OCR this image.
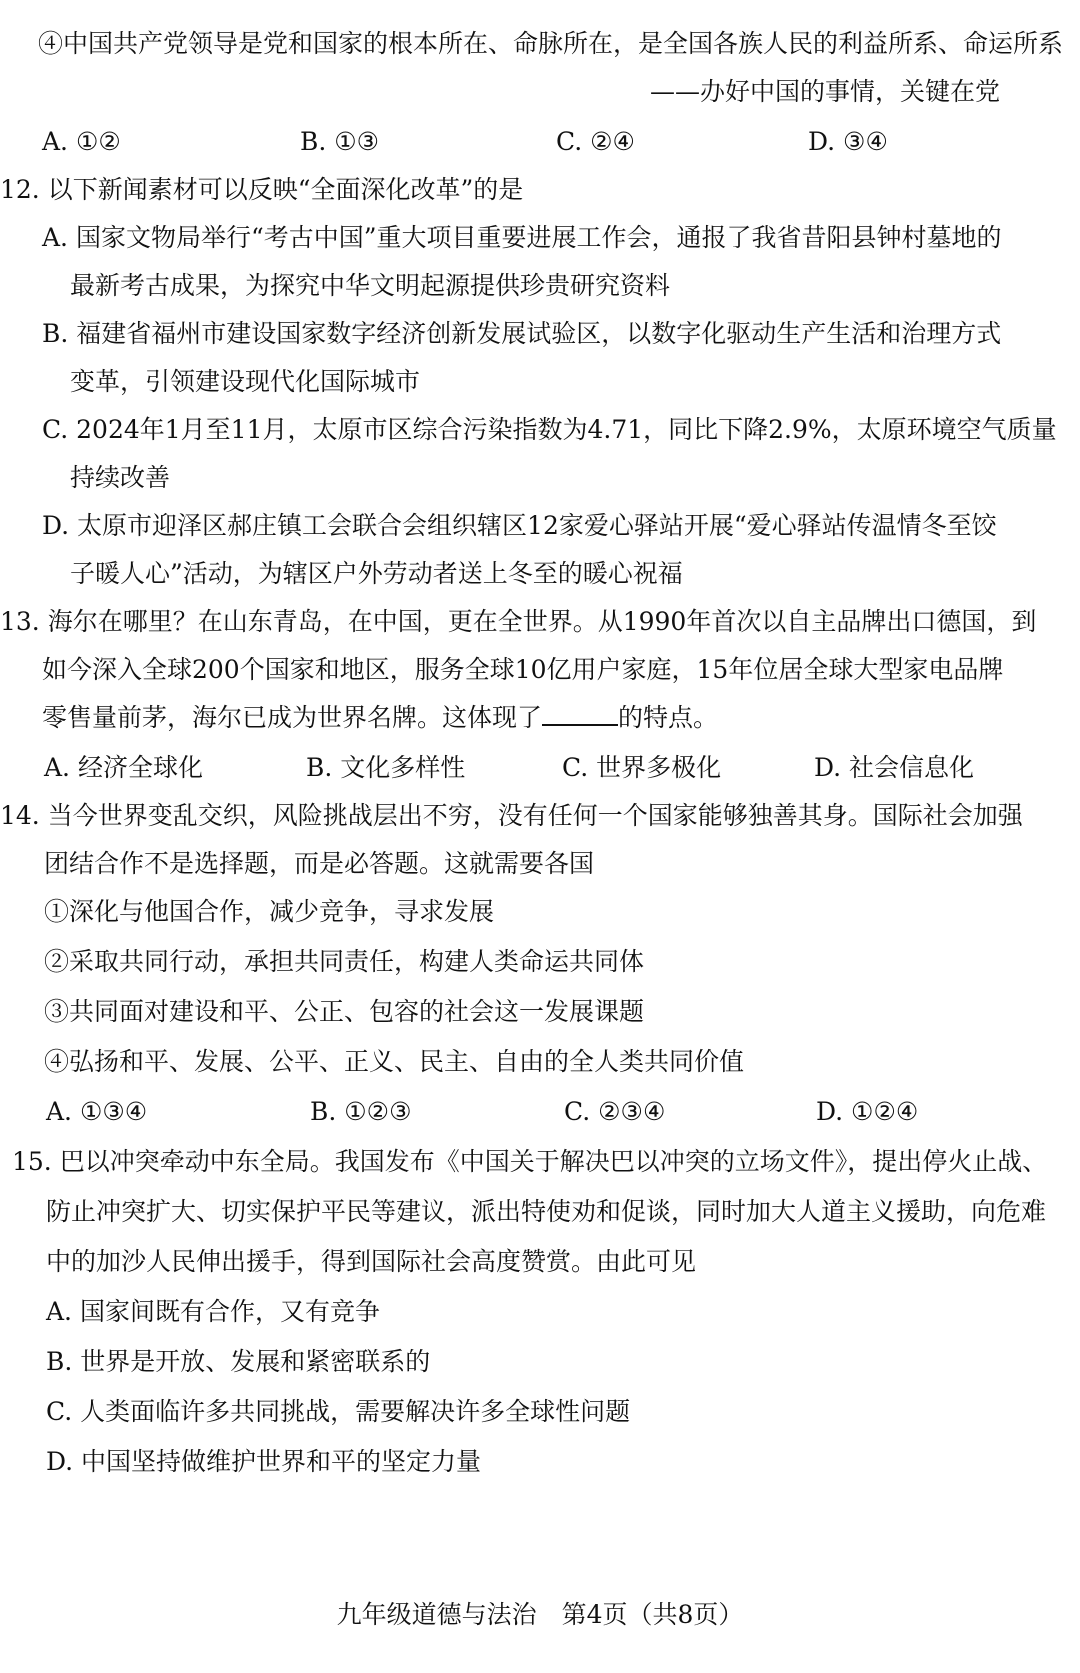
④中国共产党领导是党和国家的根本所在、命脉所在，是全国各族人民的利益所系、命运所系
——办好中国的事情，关键在党
A. ①②	B. ①③	C. ②④	D. ③④
12. 以下新闻素材可以反映“全面深化改革”的是
A. 国家文物局举行“考古中国”重大项目重要进展工作会，通报了我省昔阳县钟村墓地的
最新考古成果，为探究中华文明起源提供珍贵研究资料
B. 福建省福州市建设国家数字经济创新发展试验区，以数字化驱动生产生活和治理方式
变革，引领建设现代化国际城市
C. 2024年1月至11月，太原市区综合污染指数为4.71，同比下降2.9%，太原环境空气质量
持续改善
D. 太原市迎泽区郝庄镇工会联合会组织辖区12家爱心驿站开展“爱心驿站传温情冬至饺
子暖人心”活动，为辖区户外劳动者送上冬至的暖心祝福
13. 海尔在哪里？在山东青岛，在中国，更在全世界。从1990年首次以自主品牌出口德国，到
如今深入全球200个国家和地区，服务全球10亿用户家庭，15年位居全球大型家电品牌
零售量前茅，海尔已成为世界名牌。这体现了	的特点。
A. 经济全球化	B. 文化多样性	C. 世界多极化	D. 社会信息化
14. 当今世界变乱交织，风险挑战层出不穷，没有任何一个国家能够独善其身。国际社会加强
团结合作不是选择题，而是必答题。这就需要各国
①深化与他国合作，减少竞争，寻求发展
②采取共同行动，承担共同责任，构建人类命运共同体
③共同面对建设和平、公正、包容的社会这一发展课题
④弘扬和平、发展、公平、正义、民主、自由的全人类共同价值
A. ①③④	B. ①②③	C. ②③④	D. ①②④
15. 巴以冲突牵动中东全局。我国发布《中国关于解决巴以冲突的立场文件》，提出停火止战、
防止冲突扩大、切实保护平民等建议，派出特使劝和促谈，同时加大人道主义援助，向危难
中的加沙人民伸出援手，得到国际社会高度赞赏。由此可见
A. 国家间既有合作，又有竞争
B. 世界是开放、发展和紧密联系的
C. 人类面临许多共同挑战，需要解决许多全球性问题
D. 中国坚持做维护世界和平的坚定力量
九年级道德与法治　第4页（共8页）
